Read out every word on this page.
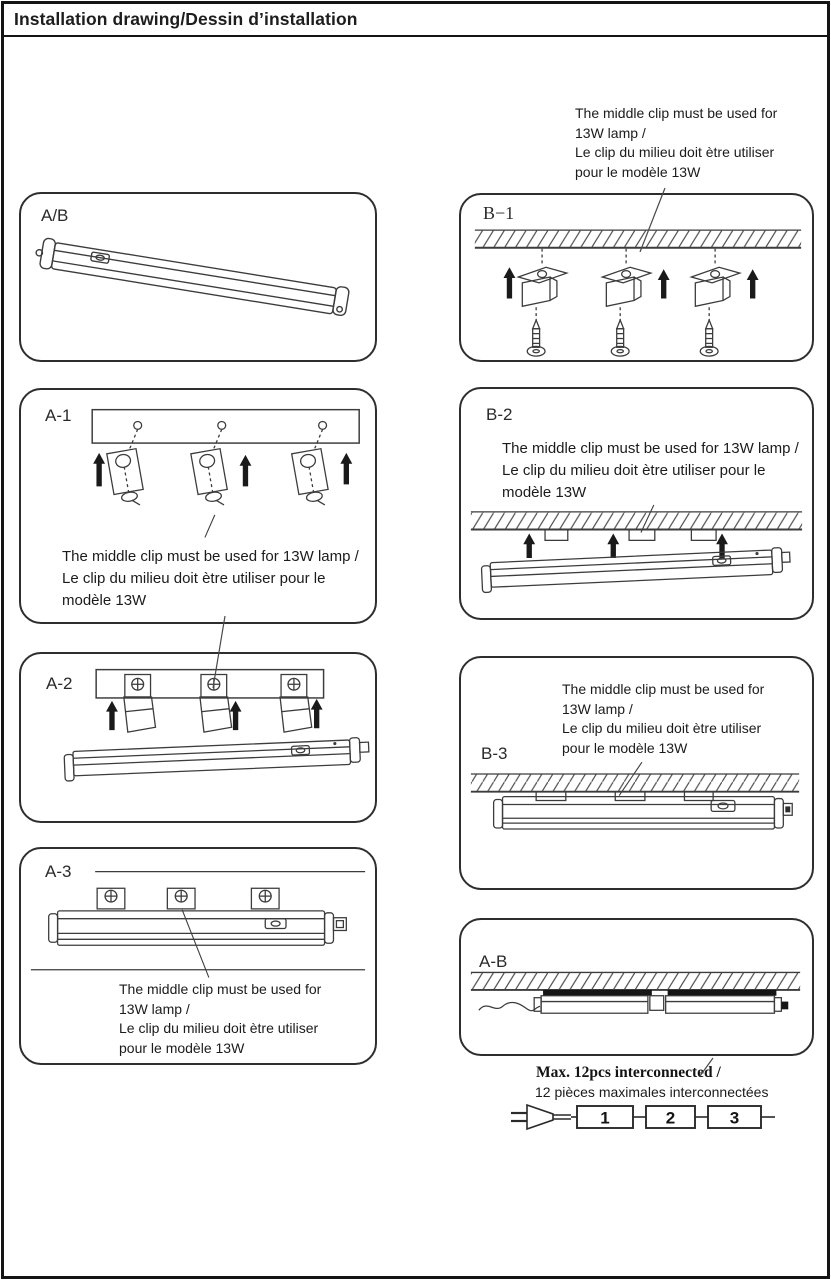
Installation drawing/Dessin d’installation
The middle clip must be used for
13W lamp /
Le clip du milieu doit ètre utiliser
pour le modèle 13W
A/B	B−1
A-1
The middle clip must be used for 13W lamp /
Le clip du milieu doit ètre utiliser pour le
modèle 13W
B-2
The middle clip must be used for 13W lamp /
Le clip du milieu doit ètre utiliser pour le
modèle 13W
A-2
B-3
The middle clip must be used for
13W lamp /
Le clip du milieu doit ètre utiliser
pour le modèle 13W
A-3
The middle clip must be used for
13W lamp /
Le clip du milieu doit ètre utiliser
pour le modèle 13W
A-B
Max. 12pcs interconnected /
12 pièces maximales interconnectées
1	2	3
